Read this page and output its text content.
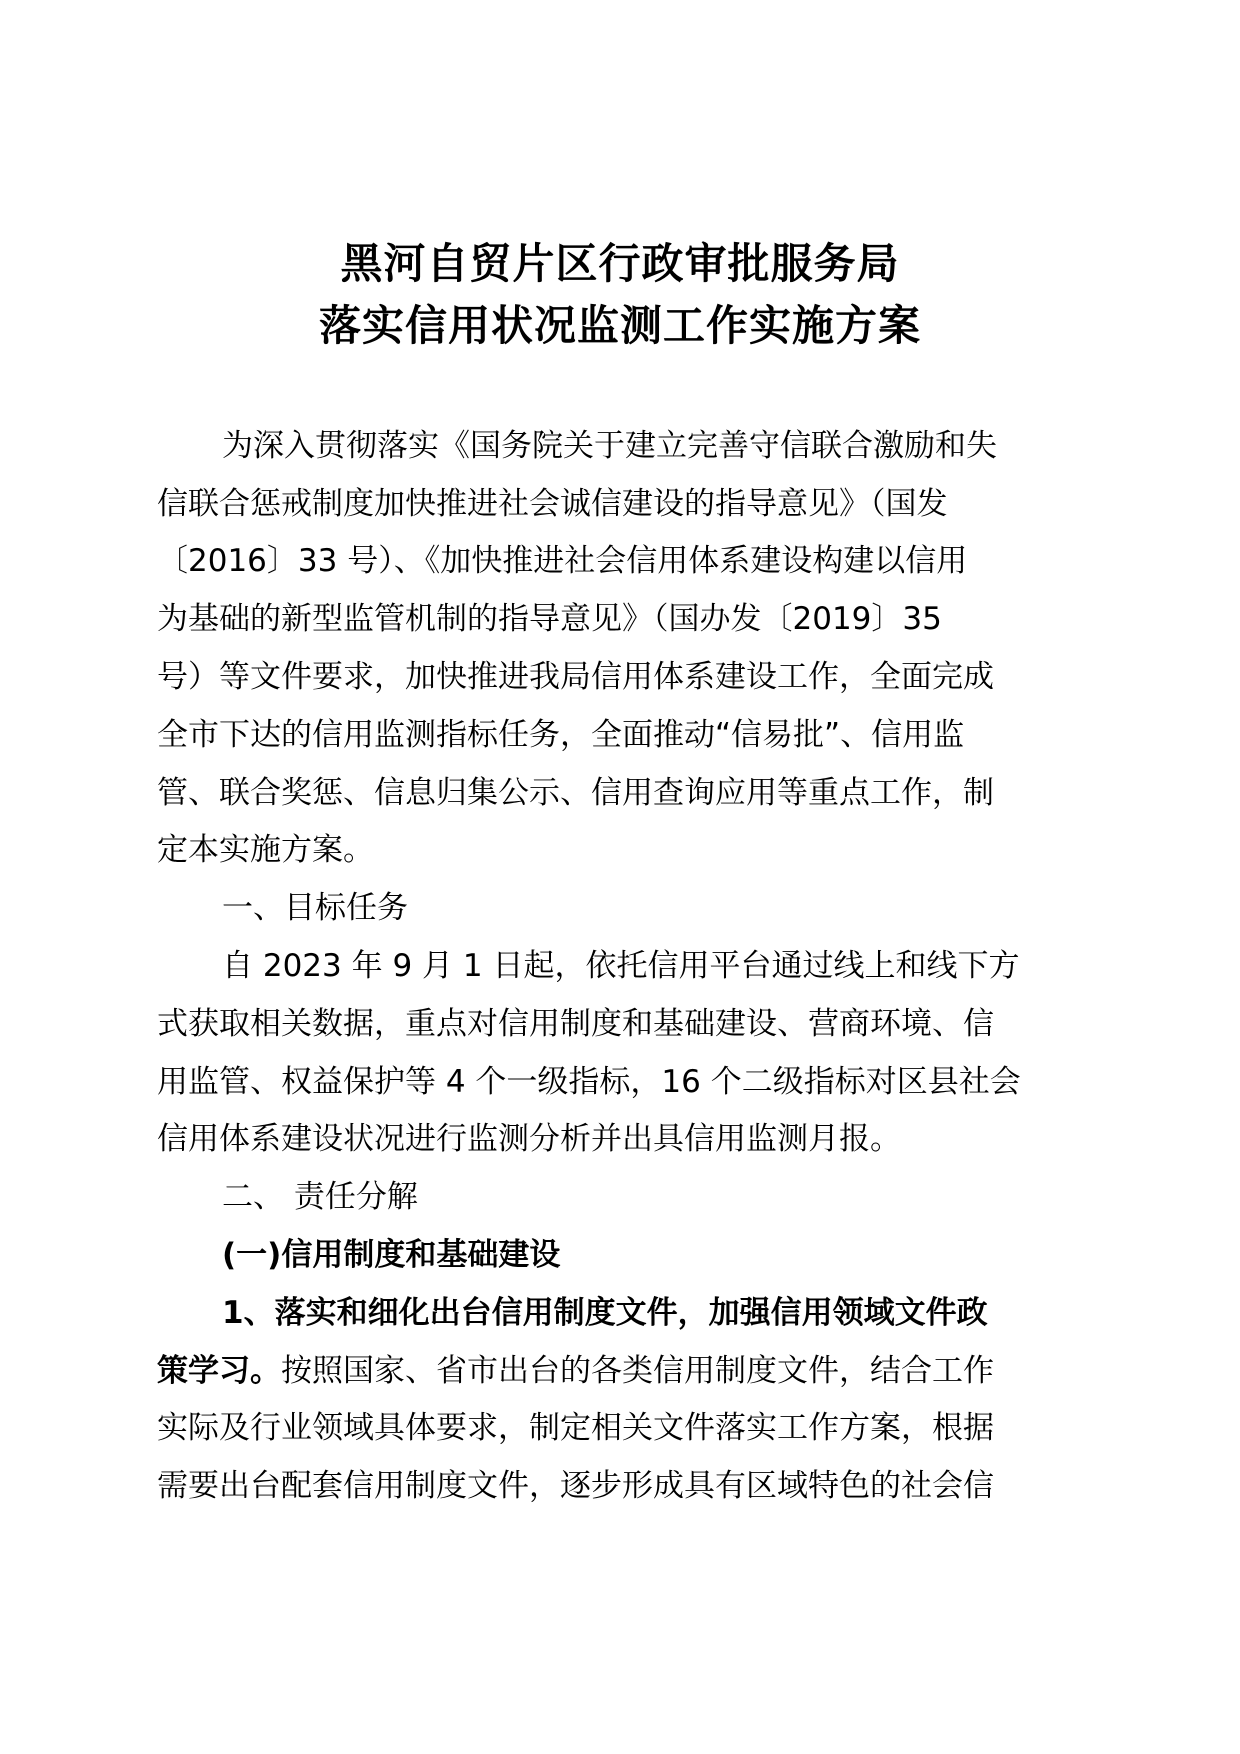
黑河自贸片区行政审批服务局
落实信用状况监测工作实施方案
为深入贯彻落实《国务院关于建立完善守信联合激励和失
信联合惩戒制度加快推进社会诚信建设的指导意见》（国发
〔2016〕33 号）、《加快推进社会信用体系建设构建以信用
为基础的新型监管机制的指导意见》（国办发〔2019〕35
号）等文件要求，加快推进我局信用体系建设工作，全面完成
全市下达的信用监测指标任务，全面推动“信易批”、信用监
管、联合奖惩、信息归集公示、信用查询应用等重点工作，制
定本实施方案。
一、目标任务
自 2023 年 9 月 1 日起，依托信用平台通过线上和线下方
式获取相关数据，重点对信用制度和基础建设、营商环境、信
用监管、权益保护等 4 个一级指标，16 个二级指标对区县社会
信用体系建设状况进行监测分析并出具信用监测月报。
二、 责任分解
(一)信用制度和基础建设
1、落实和细化出台信用制度文件，加强信用领域文件政
策学习。按照国家、省市出台的各类信用制度文件，结合工作
实际及行业领域具体要求，制定相关文件落实工作方案，根据
需要出台配套信用制度文件，逐步形成具有区域特色的社会信
